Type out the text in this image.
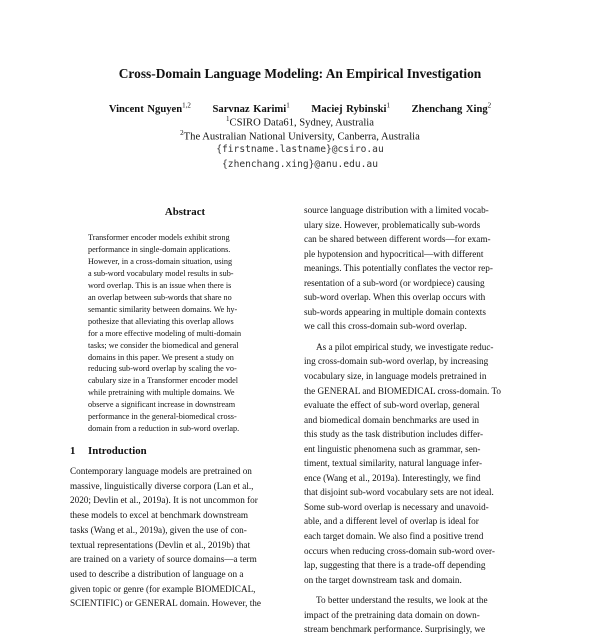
Cross-Domain Language Modeling: An Empirical Investigation
Vincent Nguyen$^{1,2}$ Sarvnaz Karimi$^1$ Maciej Rybinski$^1$ Zhenchang Xing$^2$
$^1$CSIRO Data61, Sydney, Australia
$^2$The Australian National University, Canberra, Australia
{firstname.lastname}@csiro.au
{zhenchang.xing}@anu.edu.au
Abstract
Transformer encoder models exhibit strong
performance in single-domain applications.
However, in a cross-domain situation, using
a sub-word vocabulary model results in sub-
word overlap. This is an issue when there is
an overlap between sub-words that share no
semantic similarity between domains. We hy-
pothesize that alleviating this overlap allows
for a more effective modeling of multi-domain
tasks; we consider the biomedical and general
domains in this paper. We present a study on
reducing sub-word overlap by scaling the vo-
cabulary size in a Transformer encoder model
while pretraining with multiple domains. We
observe a significant increase in downstream
performance in the general-biomedical cross-
domain from a reduction in sub-word overlap.
1 Introduction
Contemporary language models are pretrained on
massive, linguistically diverse corpora (Lan et al.,
2020; Devlin et al., 2019a). It is not uncommon for
these models to excel at benchmark downstream
tasks (Wang et al., 2019a), given the use of con-
textual representations (Devlin et al., 2019b) that
are trained on a variety of source domains—a term
used to describe a distribution of language on a
given topic or genre (for example BIOMEDICAL,
SCIENTIFIC) or GENERAL domain. However, the
source language distribution with a limited vocab-
ulary size. However, problematically sub-words
can be shared between different words—for exam-
ple hypotension and hypocritical—with different
meanings. This potentially conflates the vector rep-
resentation of a sub-word (or wordpiece) causing
sub-word overlap. When this overlap occurs with
sub-words appearing in multiple domain contexts
we call this cross-domain sub-word overlap.
As a pilot empirical study, we investigate reduc-
ing cross-domain sub-word overlap, by increasing
vocabulary size, in language models pretrained in
the GENERAL and BIOMEDICAL cross-domain. To
evaluate the effect of sub-word overlap, general
and biomedical domain benchmarks are used in
this study as the task distribution includes differ-
ent linguistic phenomena such as grammar, sen-
timent, textual similarity, natural language infer-
ence (Wang et al., 2019a). Interestingly, we find
that disjoint sub-word vocabulary sets are not ideal.
Some sub-word overlap is necessary and unavoid-
able, and a different level of overlap is ideal for
each target domain. We also find a positive trend
occurs when reducing cross-domain sub-word over-
lap, suggesting that there is a trade-off depending
on the target downstream task and domain.
To better understand the results, we look at the
impact of the pretraining data domain on down-
stream benchmark performance. Surprisingly, we
